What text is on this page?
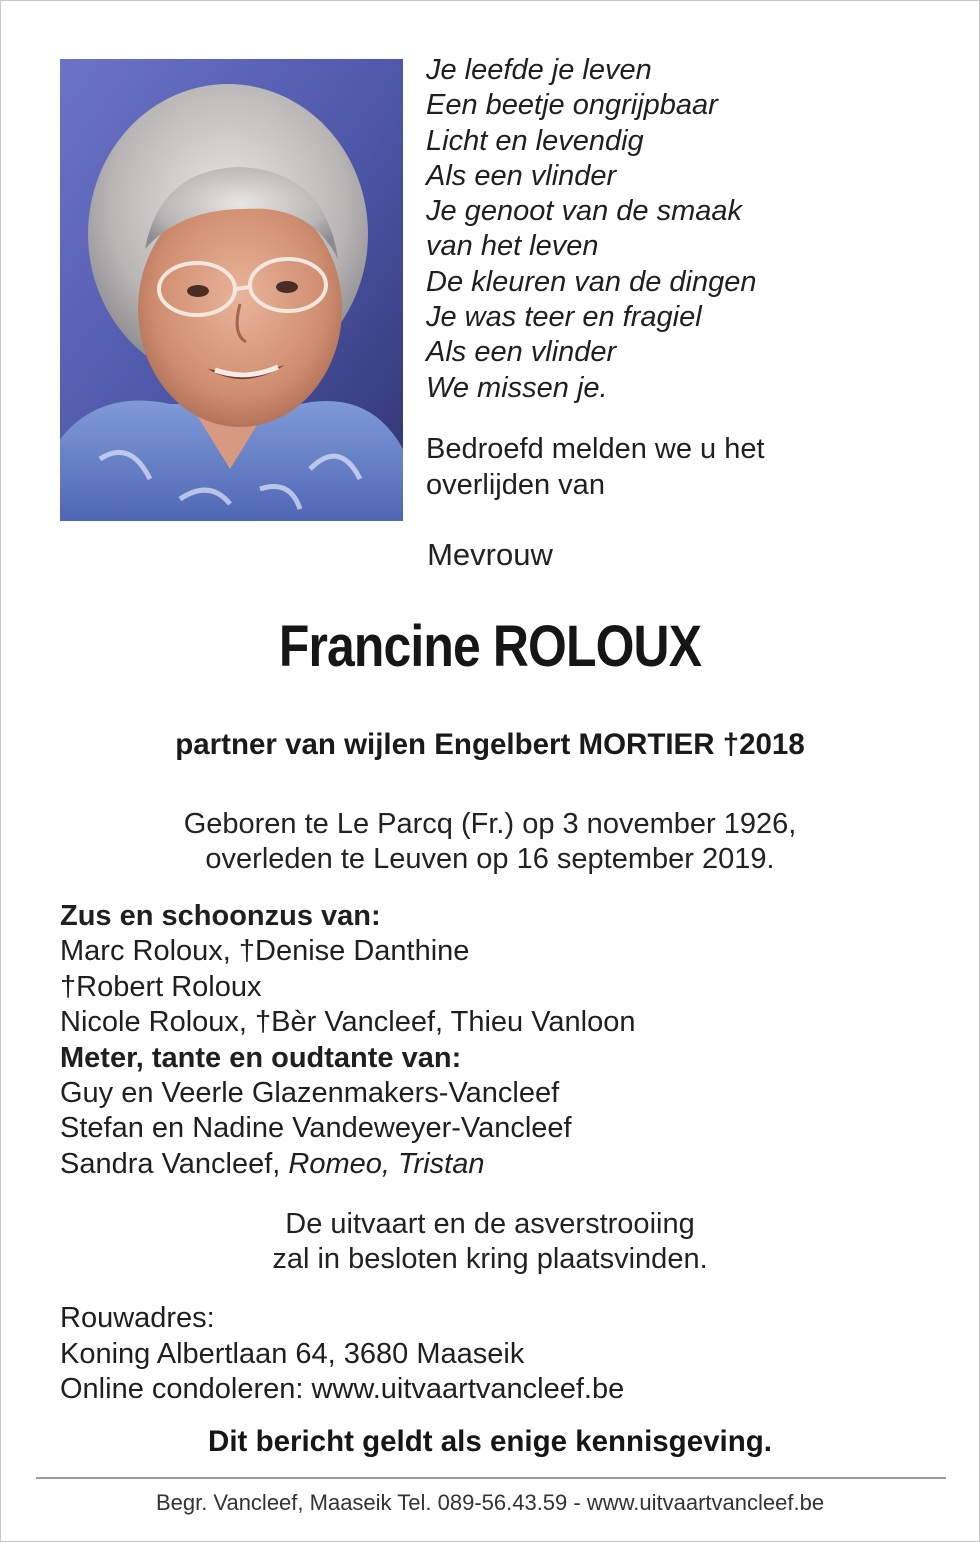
Je leefde je leven
Een beetje ongrijpbaar
Licht en levendig
Als een vlinder
Je genoot van de smaak
van het leven
De kleuren van de dingen
Je was teer en fragiel
Als een vlinder
We missen je.
Bedroefd melden we u het
overlijden van
Mevrouw
Francine ROLOUX
partner van wijlen Engelbert MORTIER †2018
Geboren te Le Parcq (Fr.) op 3 november 1926,
overleden te Leuven op 16 september 2019.
Zus en schoonzus van:
Marc Roloux, †Denise Danthine
†Robert Roloux
Nicole Roloux, †Bèr Vancleef, Thieu Vanloon
Meter, tante en oudtante van:
Guy en Veerle Glazenmakers-Vancleef
Stefan en Nadine Vandeweyer-Vancleef
Sandra Vancleef, Romeo, Tristan
De uitvaart en de asverstrooiing
zal in besloten kring plaatsvinden.
Rouwadres:
Koning Albertlaan 64, 3680 Maaseik
Online condoleren: www.uitvaartvancleef.be
Dit bericht geldt als enige kennisgeving.
Begr. Vancleef, Maaseik Tel. 089-56.43.59 - www.uitvaartvancleef.be
